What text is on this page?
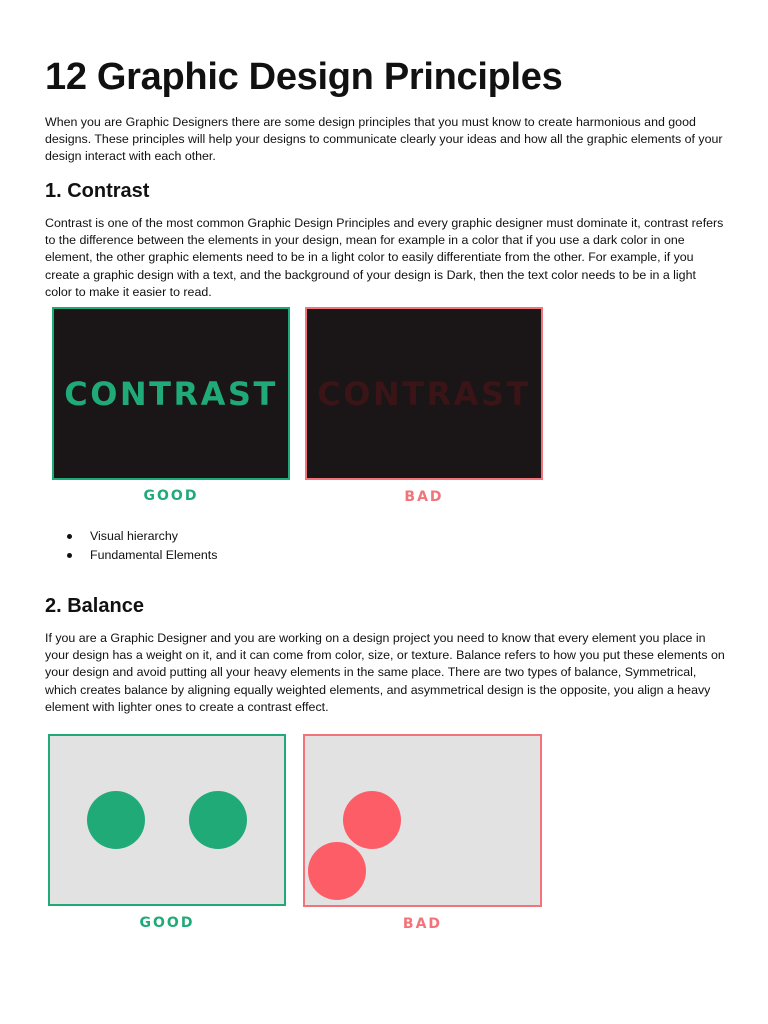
12 Graphic Design Principles

When you are Graphic Designers there are some design principles that you must know to create harmonious and good designs. These principles will help your designs to communicate clearly your ideas and how all the graphic elements of your design interact with each other.

1. Contrast

Contrast is one of the most common Graphic Design Principles and every graphic designer must dominate it, contrast refers to the difference between the elements in your design, mean for example in a color that if you use a dark color in one element, the other graphic elements need to be in a light color to easily differentiate from the other. For example, if you create a graphic design with a text, and the background of your design is Dark, then the text color needs to be in a light color to make it easier to read.

CONTRAST
GOOD
CONTRAST
BAD
Visual hierarchy
Fundamental Elements
2. Balance

If you are a Graphic Designer and you are working on a design project you need to know that every element you place in your design has a weight on it, and it can come from color, size, or texture. Balance refers to how you put these elements on your design and avoid putting all your heavy elements in the same place. There are two types of balance, Symmetrical, which creates balance by aligning equally weighted elements, and asymmetrical design is the opposite, you align a heavy element with lighter ones to create a contrast effect.

GOOD	BAD
